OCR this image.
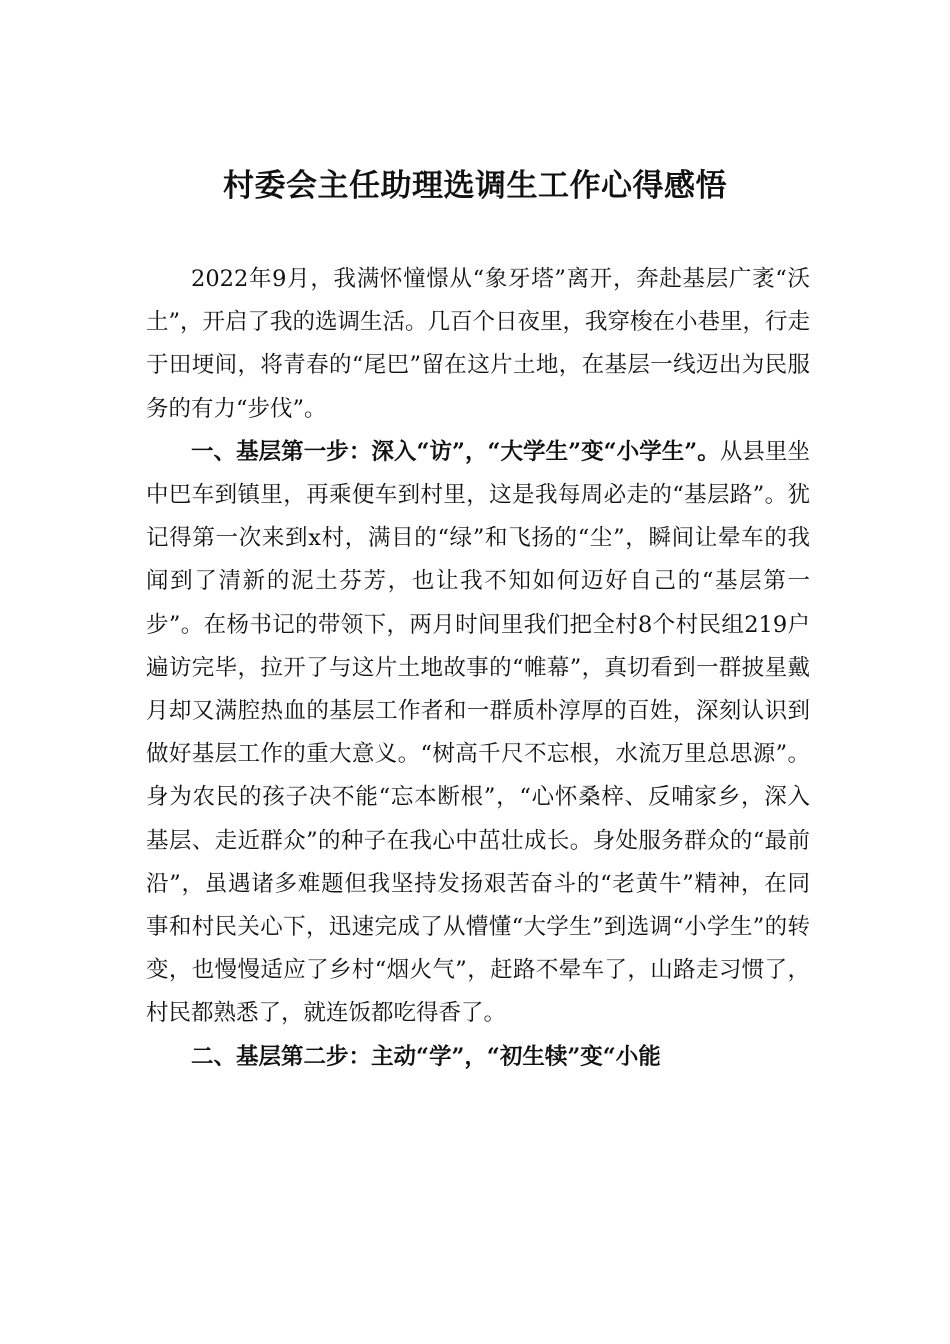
村委会主任助理选调生工作心得感悟

2022年9月，我满怀憧憬从“象牙塔”离开，奔赴基层广袤“沃土”，开启了我的选调生活。几百个日夜里，我穿梭在小巷里，行走于田埂间，将青春的“尾巴”留在这片土地，在基层一线迈出为民服务的有力“步伐”。

一、基层第一步：深入“访”，“大学生”变“小学生”。从县里坐中巴车到镇里，再乘便车到村里，这是我每周必走的“基层路”。犹记得第一次来到x村，满目的“绿”和飞扬的“尘”，瞬间让晕车的我闻到了清新的泥土芬芳，也让我不知如何迈好自己的“基层第一步”。在杨书记的带领下，两月时间里我们把全村8个村民组219户遍访完毕，拉开了与这片土地故事的“帷幕”，真切看到一群披星戴月却又满腔热血的基层工作者和一群质朴淳厚的百姓，深刻认识到做好基层工作的重大意义。“树高千尺不忘根，水流万里总思源”。身为农民的孩子决不能“忘本断根”，“心怀桑梓、反哺家乡，深入基层、走近群众”的种子在我心中茁壮成长。身处服务群众的“最前沿”，虽遇诸多难题但我坚持发扬艰苦奋斗的“老黄牛”精神，在同事和村民关心下，迅速完成了从懵懂“大学生”到选调“小学生”的转变，也慢慢适应了乡村“烟火气”，赶路不晕车了，山路走习惯了，村民都熟悉了，就连饭都吃得香了。

二、基层第二步：主动“学”，“初生犊”变“小能
